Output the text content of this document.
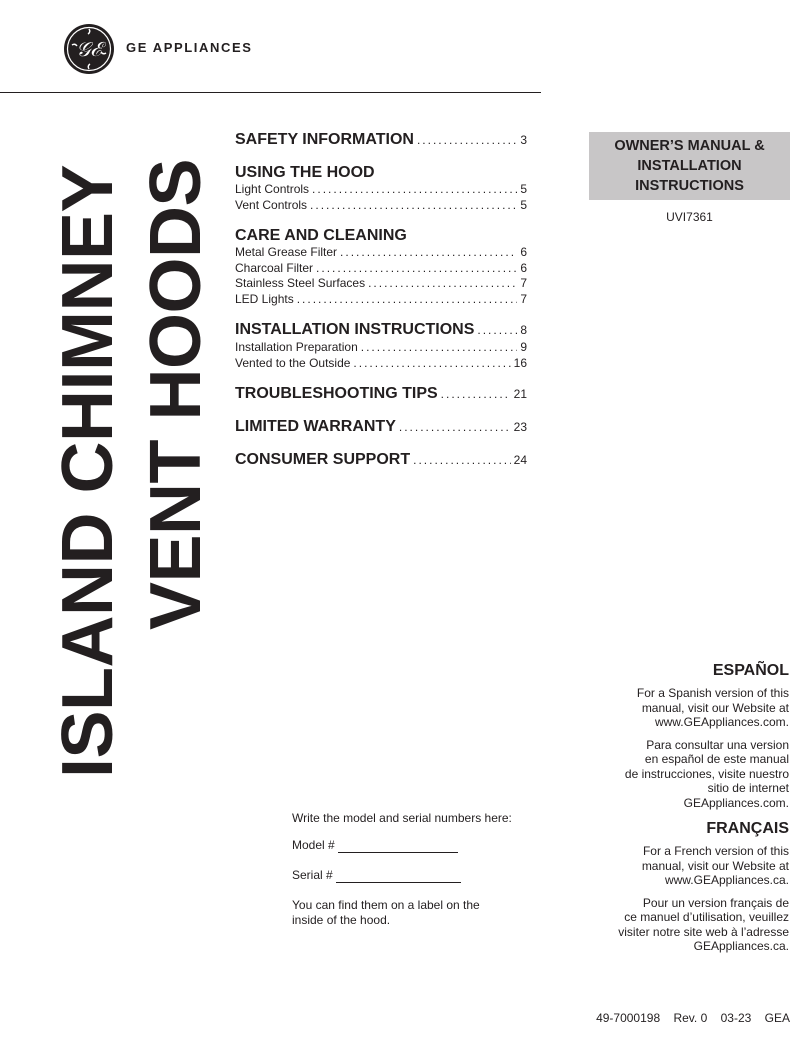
𝒢ℰ	GE APPLIANCES
ISLAND CHIMNEY VENT HOODS
SAFETY INFORMATION .....	3
USING THE HOOD
Light Controls .....	5
Vent Controls .....	5
CARE AND CLEANING
Metal Grease Filter .....	6
Charcoal Filter .....	6
Stainless Steel Surfaces .....	7
LED Lights .....	7
INSTALLATION INSTRUCTIONS .....	8
Installation Preparation .....	9
Vented to the Outside .....	16
TROUBLESHOOTING TIPS .....	21
LIMITED WARRANTY .....	23
CONSUMER SUPPORT .....	24
OWNER’S MANUAL & INSTALLATION INSTRUCTIONS
UVI7361
ESPAÑOL

For a Spanish version of this
manual, visit our Website at
www.GEAppliances.com.

Para consultar una version
en español de este manual
de instrucciones, visite nuestro
sitio de internet
GEAppliances.com.

FRANÇAIS

For a French version of this
manual, visit our Website at
www.GEAppliances.ca.

Pour un version français de
ce manuel d’utilisation, veuillez
visiter notre site web à l’adresse
GEAppliances.ca.

Write the model and serial numbers here:

Model #
Serial #

You can find them on a label on the inside of the hood.

49-7000198 Rev. 0 03-23 GEA
